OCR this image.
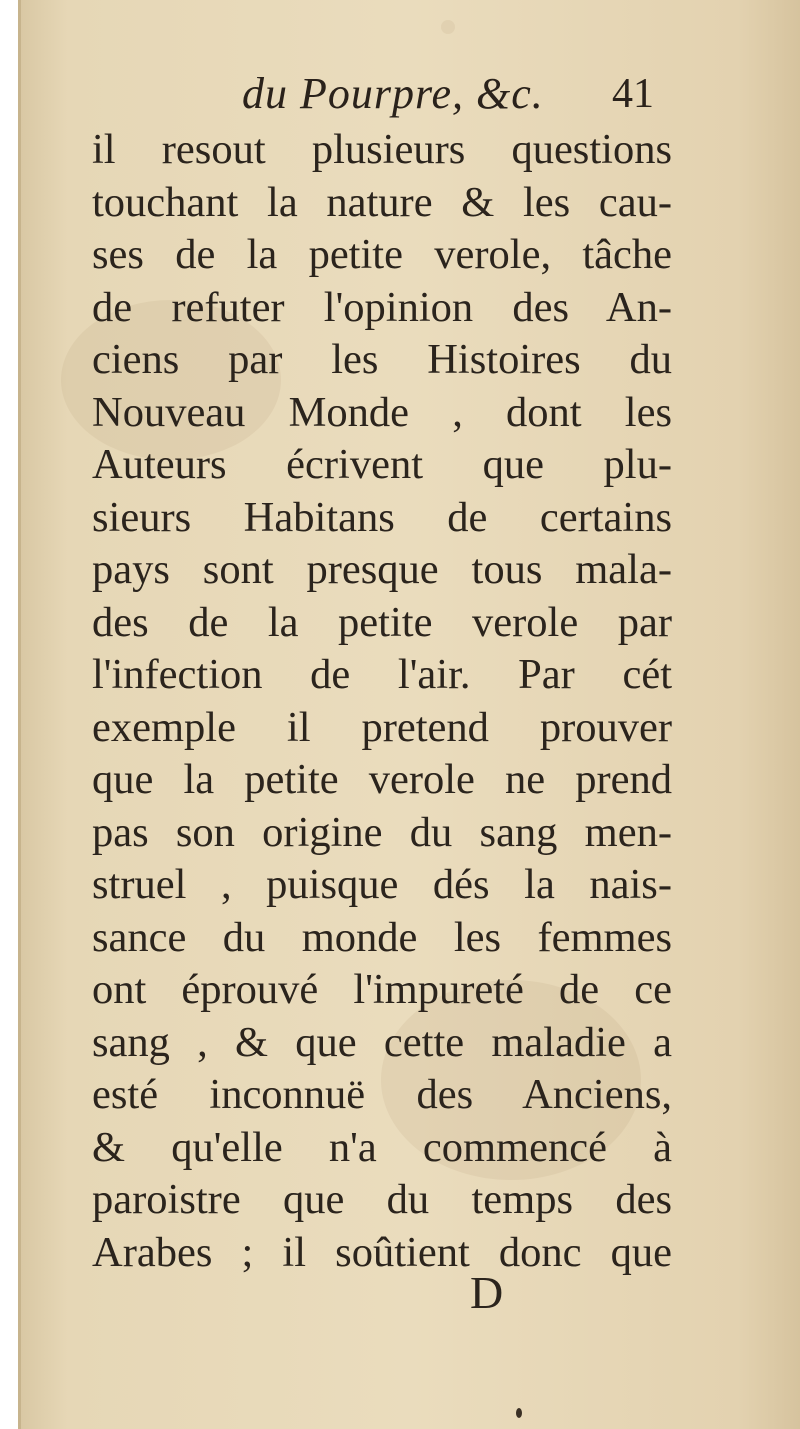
du Pourpre, &c. 41
il resout plusieurs questions
touchant la nature & les cau-
ses de la petite verole, tâche
de refuter l'opinion des An-
ciens par les Histoires du
Nouveau Monde , dont les
Auteurs écrivent que plu-
sieurs Habitans de certains
pays sont presque tous mala-
des de la petite verole par
l'infection de l'air. Par cét
exemple il pretend prouver
que la petite verole ne prend
pas son origine du sang men-
struel , puisque dés la nais-
sance du monde les femmes
ont éprouvé l'impureté de ce
sang , & que cette maladie a
esté inconnuë des Anciens,
& qu'elle n'a commencé à
paroistre que du temps des
Arabes ; il soûtient donc que
D
